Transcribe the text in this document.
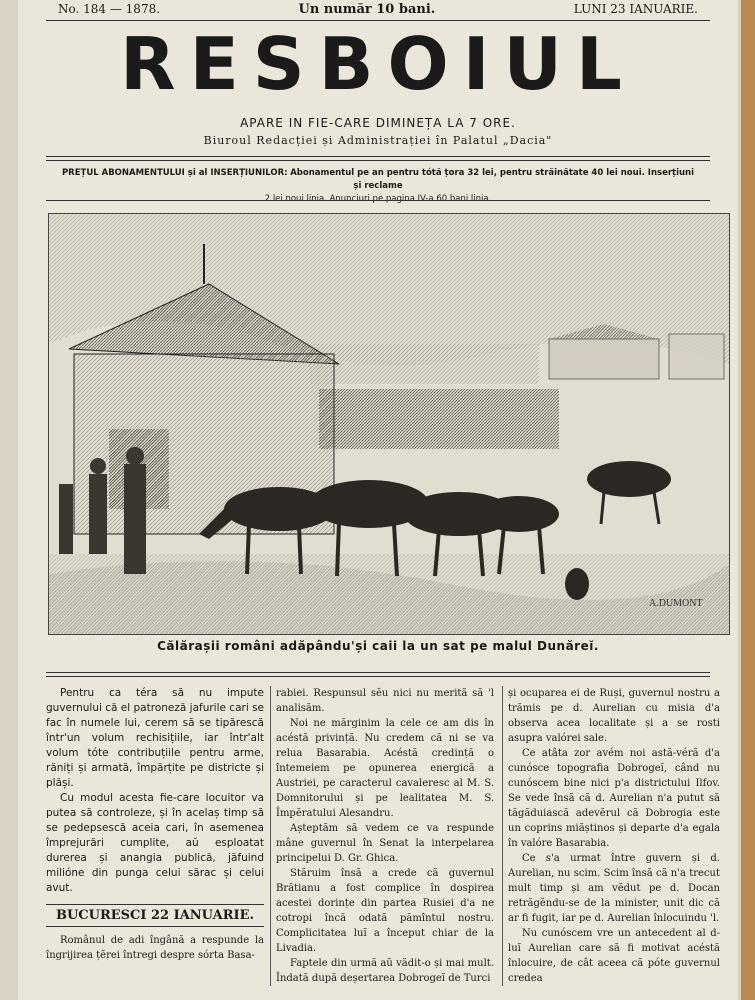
No. 184 — 1878.	Un număr 10 bani.	LUNI 23 IANUARIE.
RESBOIUL
APARE IN FIE-CARE DIMINEȚA LA 7 ORE.
Biuroul Redacției și Administrației în Palatul „Dacia"
PREȚUL ABONAMENTULUI și al INSERȚIUNILOR: Abonamentul pe an pentru tótă țora 32 lei, pentru străinătate 40 lei noui. Inserțiuni și reclame
2 lei noui linia. Anunciuri pe pagina IV-a 60 bani linia.
A.DUMONT
Călărașii români adăpându'și caii la un sat pe malul Dunăreĭ.

Pentru ca téra să nu impute guvernului că el patroneză jafurile cari se fac în numele lui, cerem să se tipărescă într'un volum rechisițiile, iar într'alt volum tóte contribuțiile pentru arme, răniți și armată, împărțite pe districte și plăși.

Cu modul acesta fie-care locuitor va putea să controleze, și în acelaș timp să se pedepsescă aceia cari, în asemenea împrejurări cumplite, aŭ esploatat durerea și anangia publică, jăfuind milióne din punga celui sărac și celui avut.

BUCURESCI 22 IANUARIE.

Românul de adi îngână a respunde la îngrijirea țĕrei întregi despre sórta Basa-

rabiei. Respunsul sĕu nici nu merită să 'l analisăm.

Noi ne mărginim la cele ce am dis în acéstă privință. Nu credem că ni se va relua Basarabia. Acéstă credință o întemeiem pe opunerea energică a Austriei, pe caracterul cavaleresc al M. S. Domnitorului și pe lealitatea M. S. Împĕratului Alesandru.

Așteptăm să vedem ce va respunde mâne guvernul în Senat la interpelarea principelui D. Gr. Ghica.

Stăruim însă a crede că guvernul Brătianu a fost complice în dospirea acestei dorințe din partea Rusiei d'a ne cotropi încă odată pămîntul nostru. Complicitatea luĭ a început chiar de la Livadia.

Faptele din urmă aŭ vădit-o și mai mult. Îndată după deșertarea Dobrogeĭ de Turci

și ocuparea ei de Ruși, guvernul nostru a trămis pe d. Aurelian cu misia d'a observa acea localitate și a se rosti asupra valórei sale.

Ce atâta zor avém noi astă-véră d'a cunósce topografia Dobrogeĭ, când nu cunóscem bine nici p'a districtului Ilfov. Se vede însă că d. Aurelian n'a putut să tăgăduiască adevĕrul că Dobrogia este un coprins miăștinos și departe d'a egala în valóre Basarabia.

Ce s'a urmat între guvern și d. Aurelian, nu scim. Scim însă că n'a trecut mult timp și am vĕdut pe d. Docan retrăgĕndu-se de la minister, unit dic că ar fi fugit, iar pe d. Aurelian înlocuindu 'l.

Nu cunóscem vre un antecedent al d-luĭ Aurelian care să fi motivat acéstă înlocuire, de cât aceea că póte guvernul credea
